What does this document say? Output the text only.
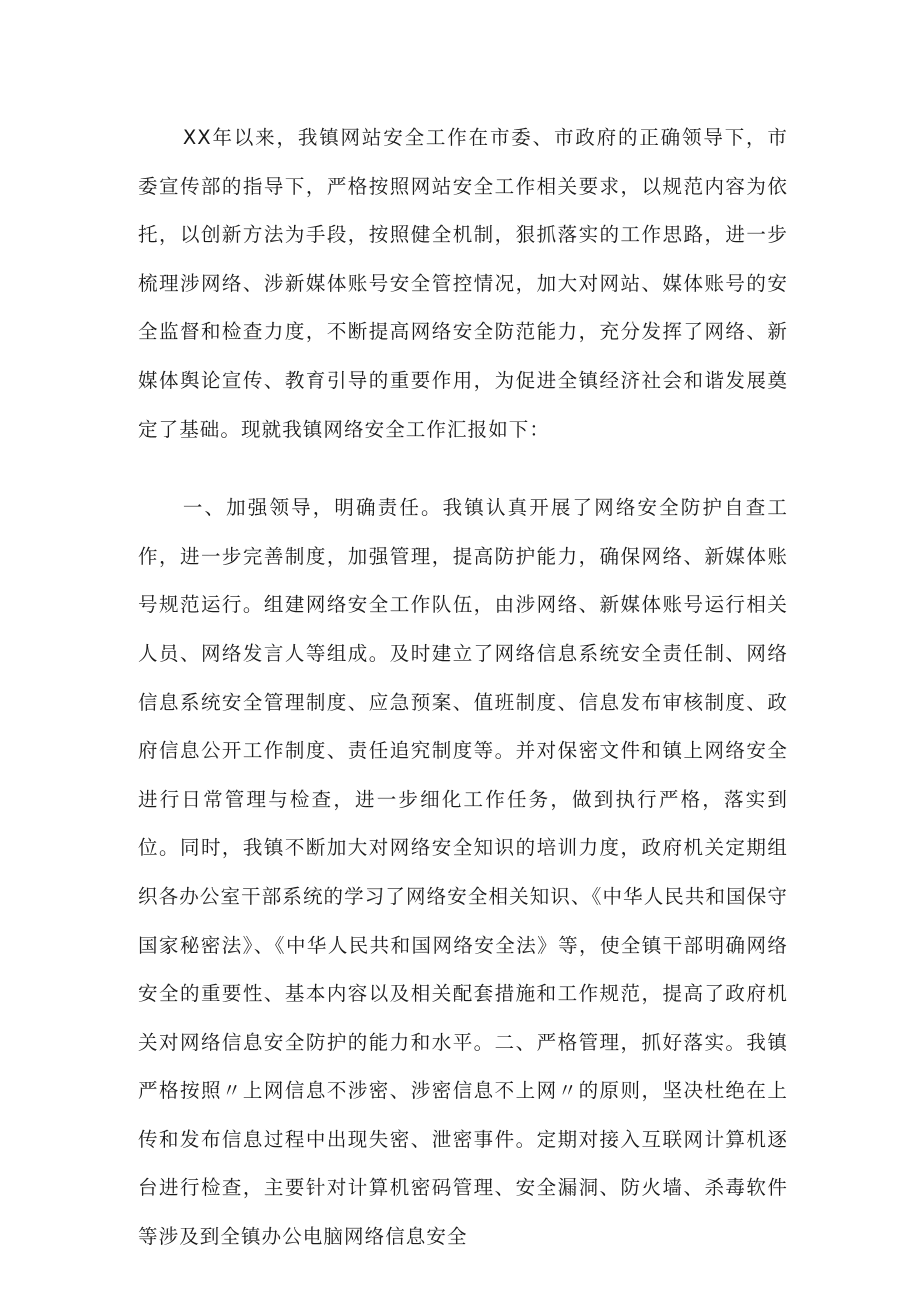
XX年以来，我镇网站安全工作在市委、市政府的正确领导下，市委宣传部的指导下，严格按照网站安全工作相关要求，以规范内容为依托，以创新方法为手段，按照健全机制，狠抓落实的工作思路，进一步梳理涉网络、涉新媒体账号安全管控情况，加大对网站、媒体账号的安全监督和检查力度，不断提高网络安全防范能力，充分发挥了网络、新媒体舆论宣传、教育引导的重要作用，为促进全镇经济社会和谐发展奠定了基础。现就我镇网络安全工作汇报如下：

一、加强领导，明确责任。我镇认真开展了网络安全防护自查工作，进一步完善制度，加强管理，提高防护能力，确保网络、新媒体账号规范运行。组建网络安全工作队伍，由涉网络、新媒体账号运行相关人员、网络发言人等组成。及时建立了网络信息系统安全责任制、网络信息系统安全管理制度、应急预案、值班制度、信息发布审核制度、政府信息公开工作制度、责任追究制度等。并对保密文件和镇上网络安全进行日常管理与检查，进一步细化工作任务，做到执行严格，落实到位。同时，我镇不断加大对网络安全知识的培训力度，政府机关定期组织各办公室干部系统的学习了网络安全相关知识、《中华人民共和国保守国家秘密法》、《中华人民共和国网络安全法》等，使全镇干部明确网络安全的重要性、基本内容以及相关配套措施和工作规范，提高了政府机关对网络信息安全防护的能力和水平。二、严格管理，抓好落实。我镇严格按照〃上网信息不涉密、涉密信息不上网〃的原则，坚决杜绝在上传和发布信息过程中出现失密、泄密事件。定期对接入互联网计算机逐台进行检查，主要针对计算机密码管理、安全漏洞、防火墙、杀毒软件等涉及到全镇办公电脑网络信息安全
